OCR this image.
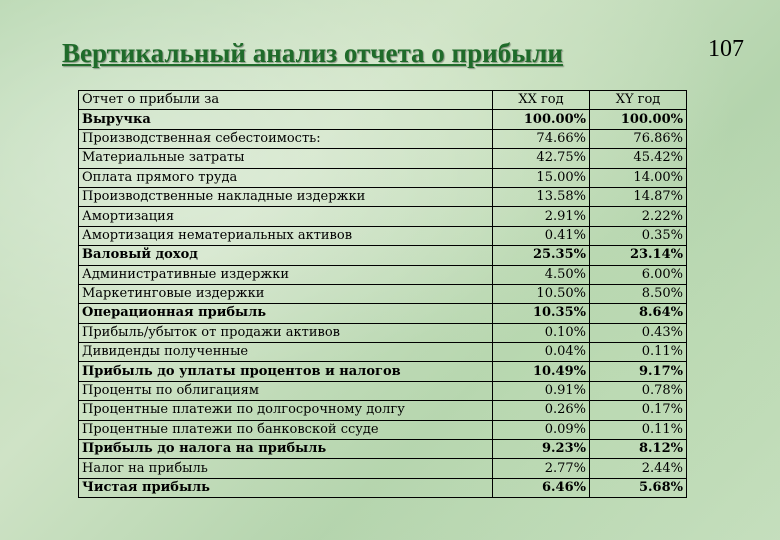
Вертикальный анализ отчета о прибыли	107
Отчет о прибыли за	XX год	XY год
Выручка	100.00%	100.00%
Производственная себестоимость:	74.66%	76.86%
Материальные затраты	42.75%	45.42%
Оплата прямого труда	15.00%	14.00%
Производственные накладные издержки	13.58%	14.87%
Амортизация	2.91%	2.22%
Амортизация нематериальных активов	0.41%	0.35%
Валовый доход	25.35%	23.14%
Административные издержки	4.50%	6.00%
Маркетинговые издержки	10.50%	8.50%
Операционная прибыль	10.35%	8.64%
Прибыль/убыток от продажи активов	0.10%	0.43%
Дивиденды полученные	0.04%	0.11%
Прибыль до уплаты процентов и налогов	10.49%	9.17%
Проценты по облигациям	0.91%	0.78%
Процентные платежи по долгосрочному долгу	0.26%	0.17%
Процентные платежи по банковской ссуде	0.09%	0.11%
Прибыль до налога на прибыль	9.23%	8.12%
Налог на прибыль	2.77%	2.44%
Чистая прибыль	6.46%	5.68%
